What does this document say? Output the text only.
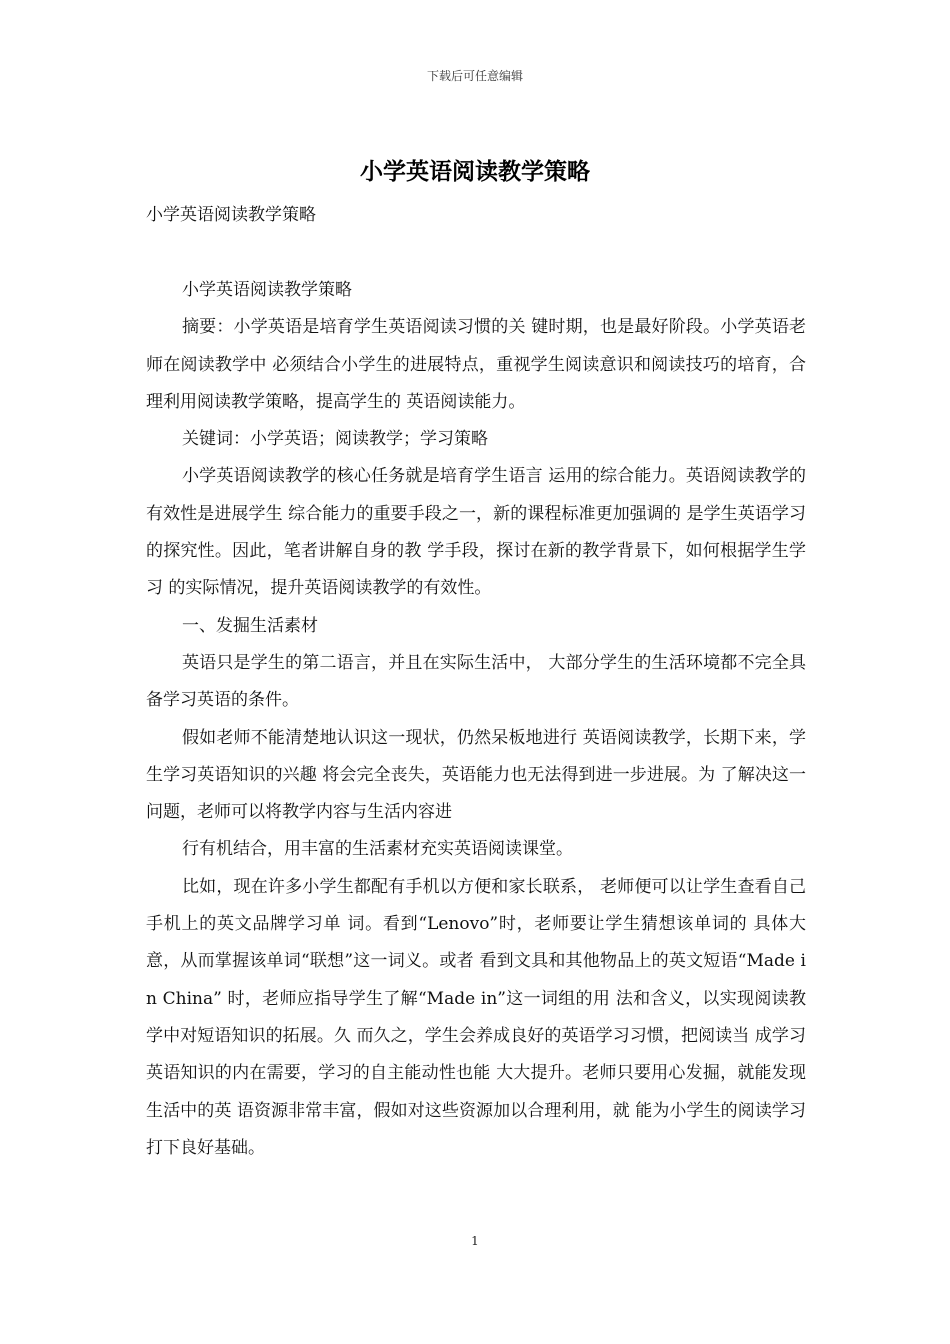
下载后可任意编辑
小学英语阅读教学策略
小学英语阅读教学策略

小学英语阅读教学策略

摘要：小学英语是培育学生英语阅读习惯的关 键时期，也是最好阶段。小学英语老师在阅读教学中 必须结合小学生的进展特点，重视学生阅读意识和阅读技巧的培育，合理利用阅读教学策略，提高学生的 英语阅读能力。

关键词：小学英语；阅读教学；学习策略

小学英语阅读教学的核心任务就是培育学生语言 运用的综合能力。英语阅读教学的有效性是进展学生 综合能力的重要手段之一，新的课程标准更加强调的 是学生英语学习的探究性。因此，笔者讲解自身的教 学手段，探讨在新的教学背景下，如何根据学生学习 的实际情况，提升英语阅读教学的有效性。

一、发掘生活素材

英语只是学生的第二语言，并且在实际生活中， 大部分学生的生活环境都不完全具备学习英语的条件。

假如老师不能清楚地认识这一现状，仍然呆板地进行 英语阅读教学，长期下来，学生学习英语知识的兴趣 将会完全丧失，英语能力也无法得到进一步进展。为 了解决这一问题，老师可以将教学内容与生活内容进

行有机结合，用丰富的生活素材充实英语阅读课堂。

比如，现在许多小学生都配有手机以方便和家长联系， 老师便可以让学生查看自己手机上的英文品牌学习单 词。看到“Lenovo”时，老师要让学生猜想该单词的 具体大意，从而掌握该单词“联想”这一词义。或者 看到文具和其他物品上的英文短语“Made in China” 时，老师应指导学生了解“Made in”这一词组的用 法和含义，以实现阅读教学中对短语知识的拓展。久 而久之，学生会养成良好的英语学习习惯，把阅读当 成学习英语知识的内在需要，学习的自主能动性也能 大大提升。老师只要用心发掘，就能发现生活中的英 语资源非常丰富，假如对这些资源加以合理利用，就 能为小学生的阅读学习打下良好基础。

1
